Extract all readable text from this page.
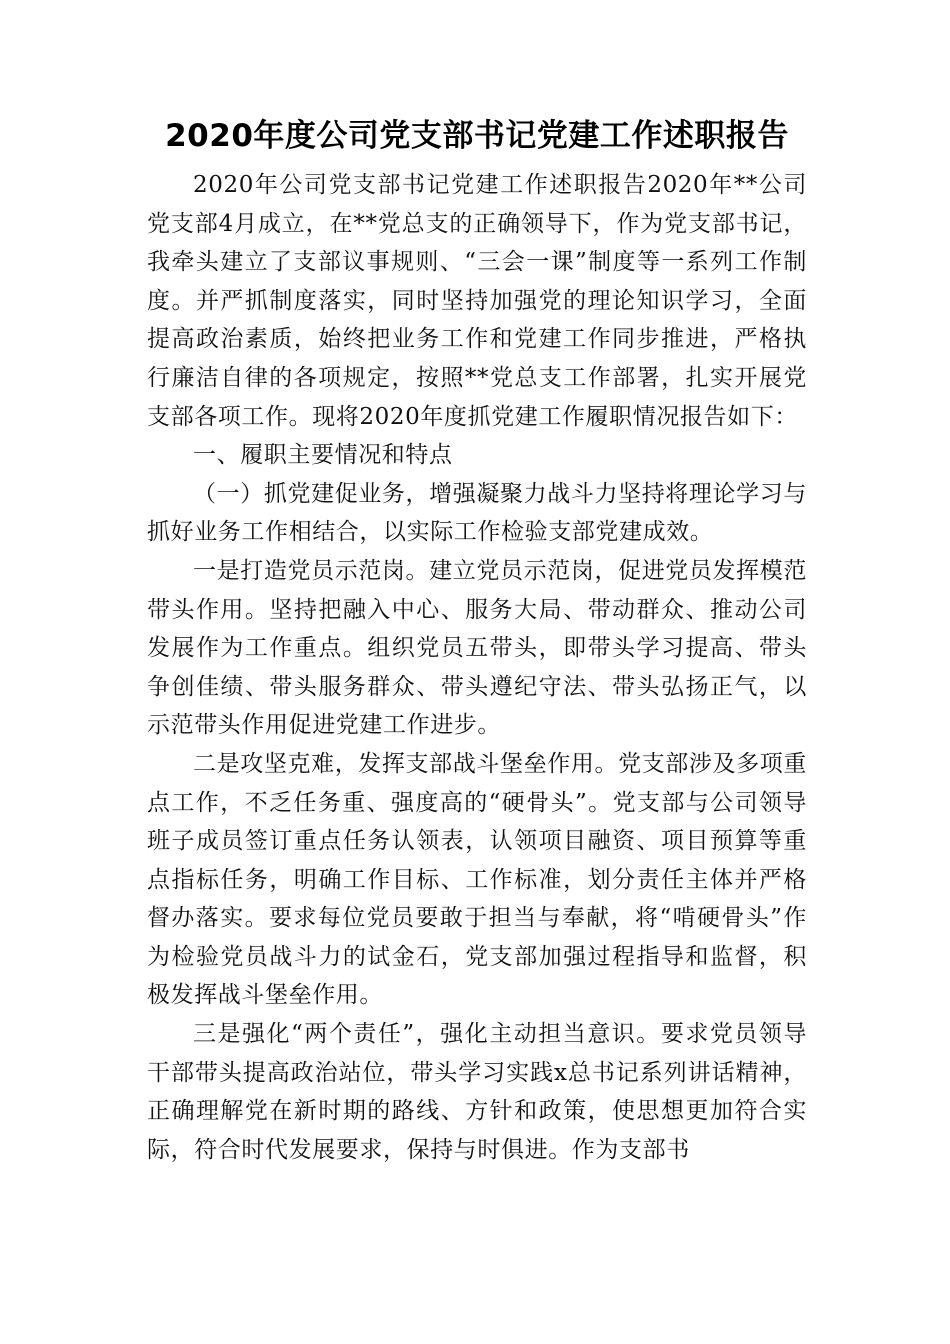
2020年度公司党支部书记党建工作述职报告

2020年公司党支部书记党建工作述职报告2020年**公司党支部4月成立，在**党总支的正确领导下，作为党支部书记，我牵头建立了支部议事规则、“三会一课”制度等一系列工作制度。并严抓制度落实，同时坚持加强党的理论知识学习，全面提高政治素质，始终把业务工作和党建工作同步推进，严格执行廉洁自律的各项规定，按照**党总支工作部署，扎实开展党支部各项工作。现将2020年度抓党建工作履职情况报告如下：

一、履职主要情况和特点

（一）抓党建促业务，增强凝聚力战斗力坚持将理论学习与抓好业务工作相结合，以实际工作检验支部党建成效。

一是打造党员示范岗。建立党员示范岗，促进党员发挥模范带头作用。坚持把融入中心、服务大局、带动群众、推动公司发展作为工作重点。组织党员五带头，即带头学习提高、带头争创佳绩、带头服务群众、带头遵纪守法、带头弘扬正气，以示范带头作用促进党建工作进步。

二是攻坚克难，发挥支部战斗堡垒作用。党支部涉及多项重点工作，不乏任务重、强度高的“硬骨头”。党支部与公司领导班子成员签订重点任务认领表，认领项目融资、项目预算等重点指标任务，明确工作目标、工作标准，划分责任主体并严格督办落实。要求每位党员要敢于担当与奉献，将“啃硬骨头”作为检验党员战斗力的试金石，党支部加强过程指导和监督，积极发挥战斗堡垒作用。

三是强化“两个责任”，强化主动担当意识。要求党员领导干部带头提高政治站位，带头学习实践x总书记系列讲话精神，正确理解党在新时期的路线、方针和政策，使思想更加符合实际，符合时代发展要求，保持与时俱进。作为支部书
